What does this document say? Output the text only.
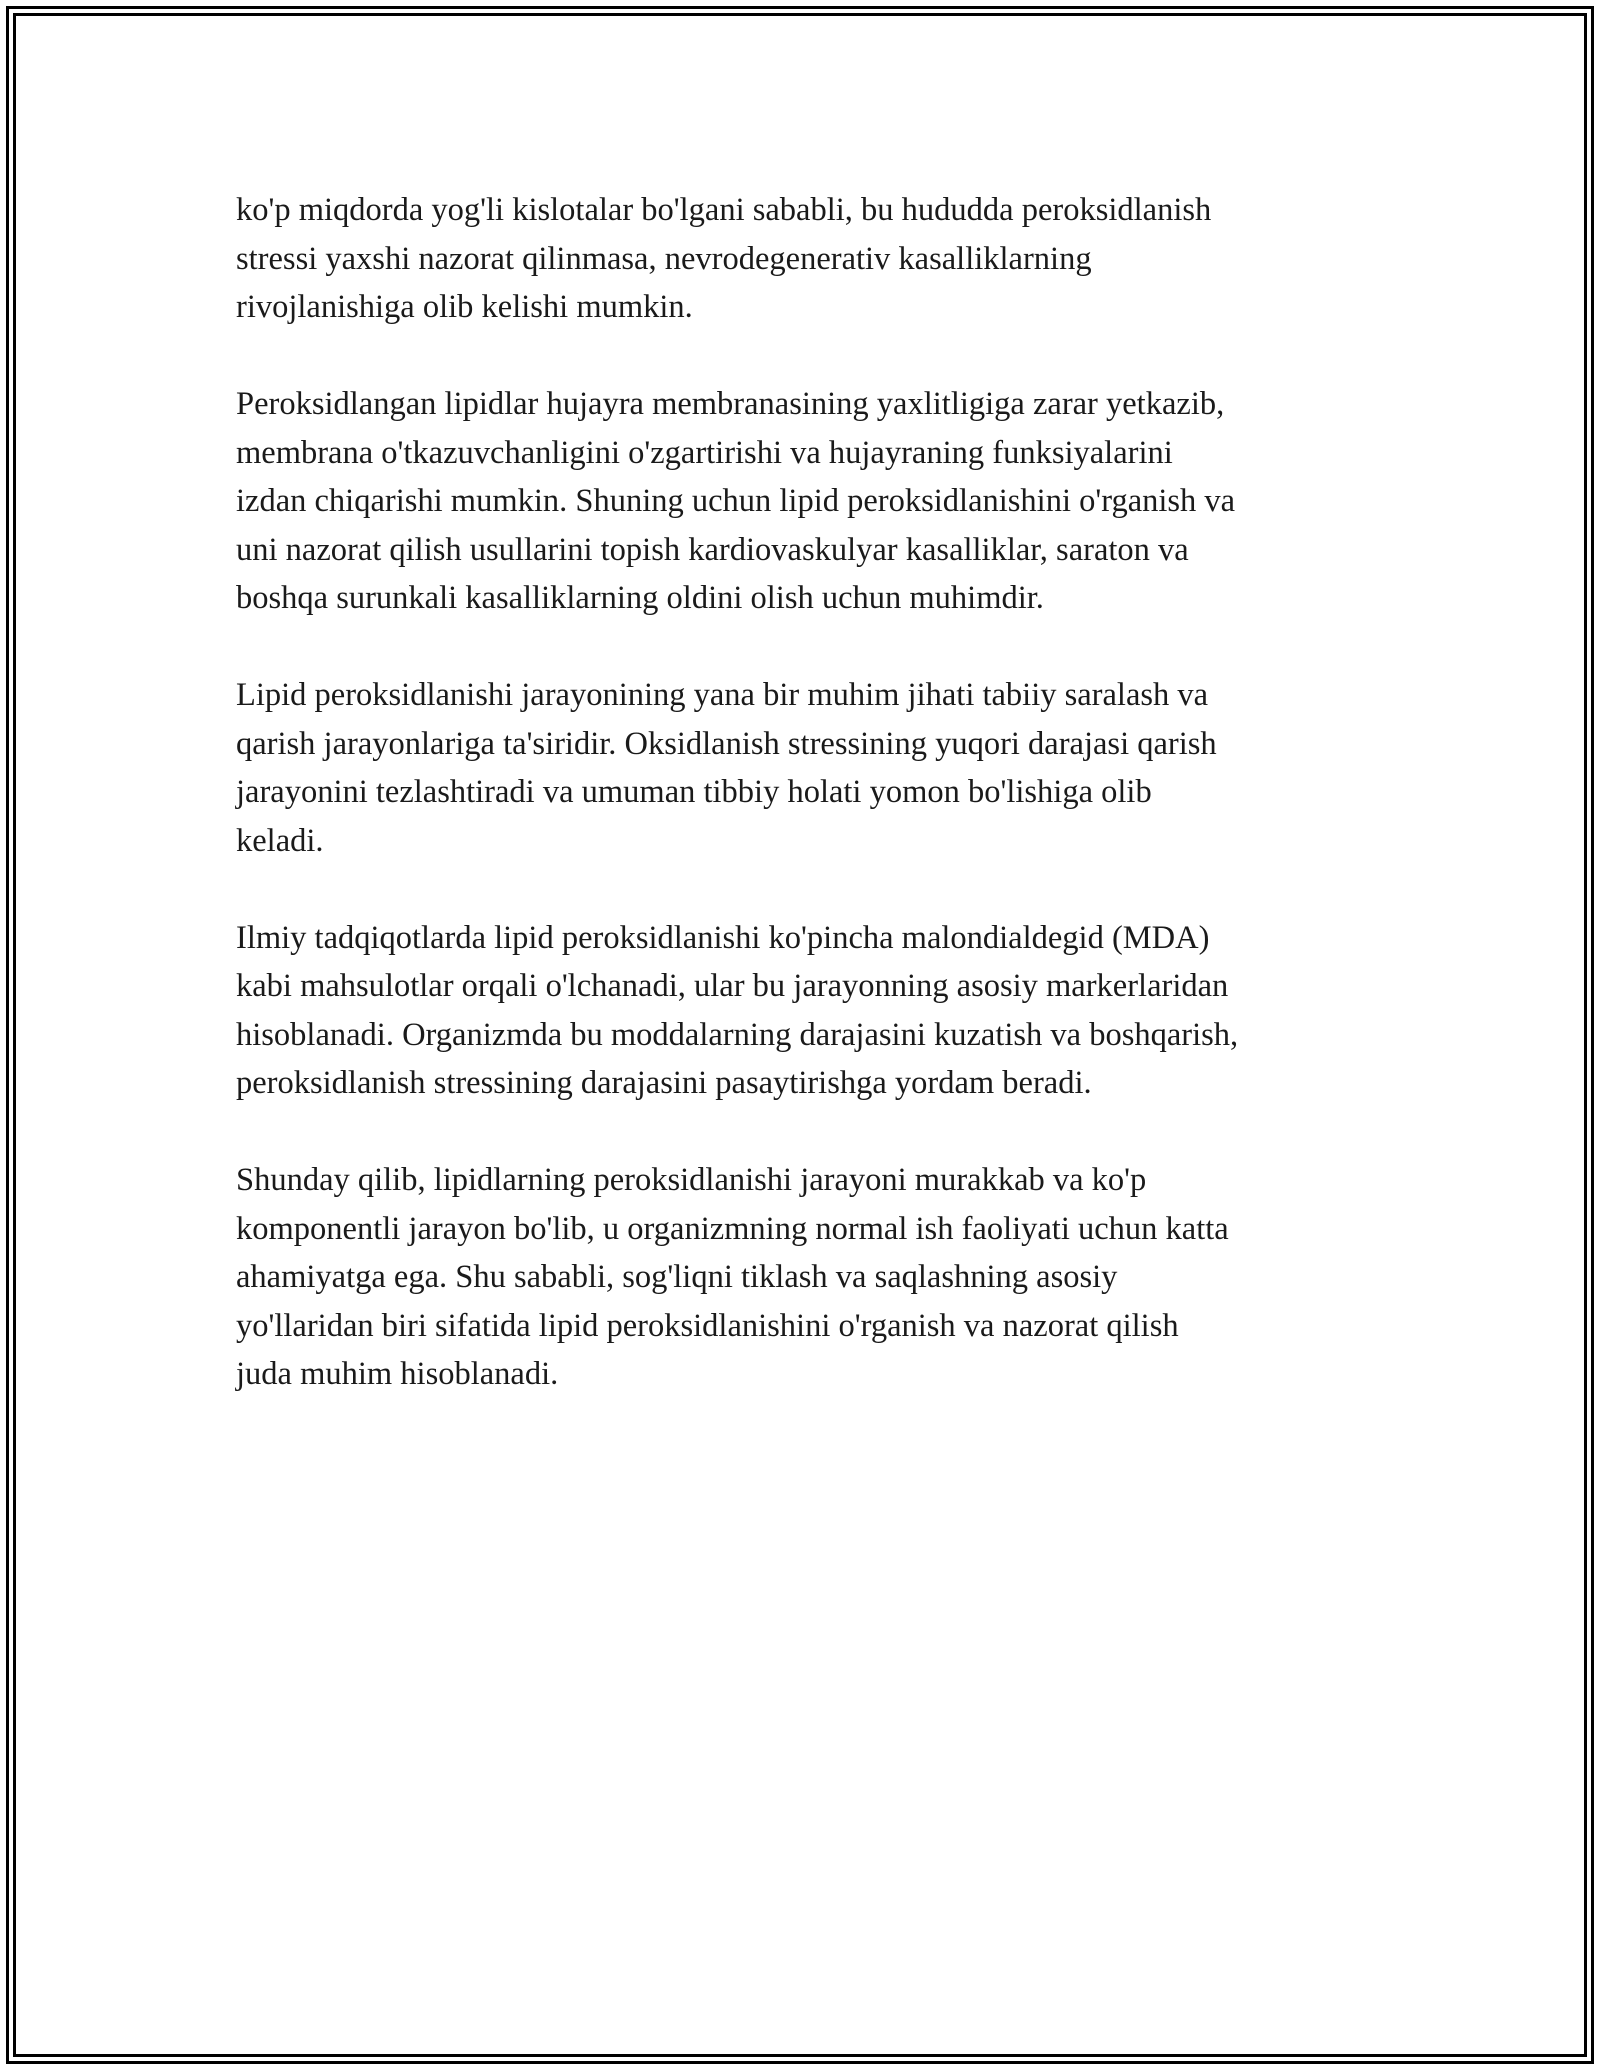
ko'p miqdorda yog'li kislotalar bo'lgani sababli, bu hududda peroksidlanish
stressi yaxshi nazorat qilinmasa, nevrodegenerativ kasalliklarning
rivojlanishiga olib kelishi mumkin.

Peroksidlangan lipidlar hujayra membranasining yaxlitligiga zarar yetkazib,
membrana o'tkazuvchanligini o'zgartirishi va hujayraning funksiyalarini
izdan chiqarishi mumkin. Shuning uchun lipid peroksidlanishini o'rganish va
uni nazorat qilish usullarini topish kardiovaskulyar kasalliklar, saraton va
boshqa surunkali kasalliklarning oldini olish uchun muhimdir.

Lipid peroksidlanishi jarayonining yana bir muhim jihati tabiiy saralash va
qarish jarayonlariga ta'siridir. Oksidlanish stressining yuqori darajasi qarish
jarayonini tezlashtiradi va umuman tibbiy holati yomon bo'lishiga olib
keladi.

Ilmiy tadqiqotlarda lipid peroksidlanishi ko'pincha malondialdegid (MDA)
kabi mahsulotlar orqali o'lchanadi, ular bu jarayonning asosiy markerlaridan
hisoblanadi. Organizmda bu moddalarning darajasini kuzatish va boshqarish,
peroksidlanish stressining darajasini pasaytirishga yordam beradi.

Shunday qilib, lipidlarning peroksidlanishi jarayoni murakkab va ko'p
komponentli jarayon bo'lib, u organizmning normal ish faoliyati uchun katta
ahamiyatga ega. Shu sababli, sog'liqni tiklash va saqlashning asosiy
yo'llaridan biri sifatida lipid peroksidlanishini o'rganish va nazorat qilish
juda muhim hisoblanadi.
